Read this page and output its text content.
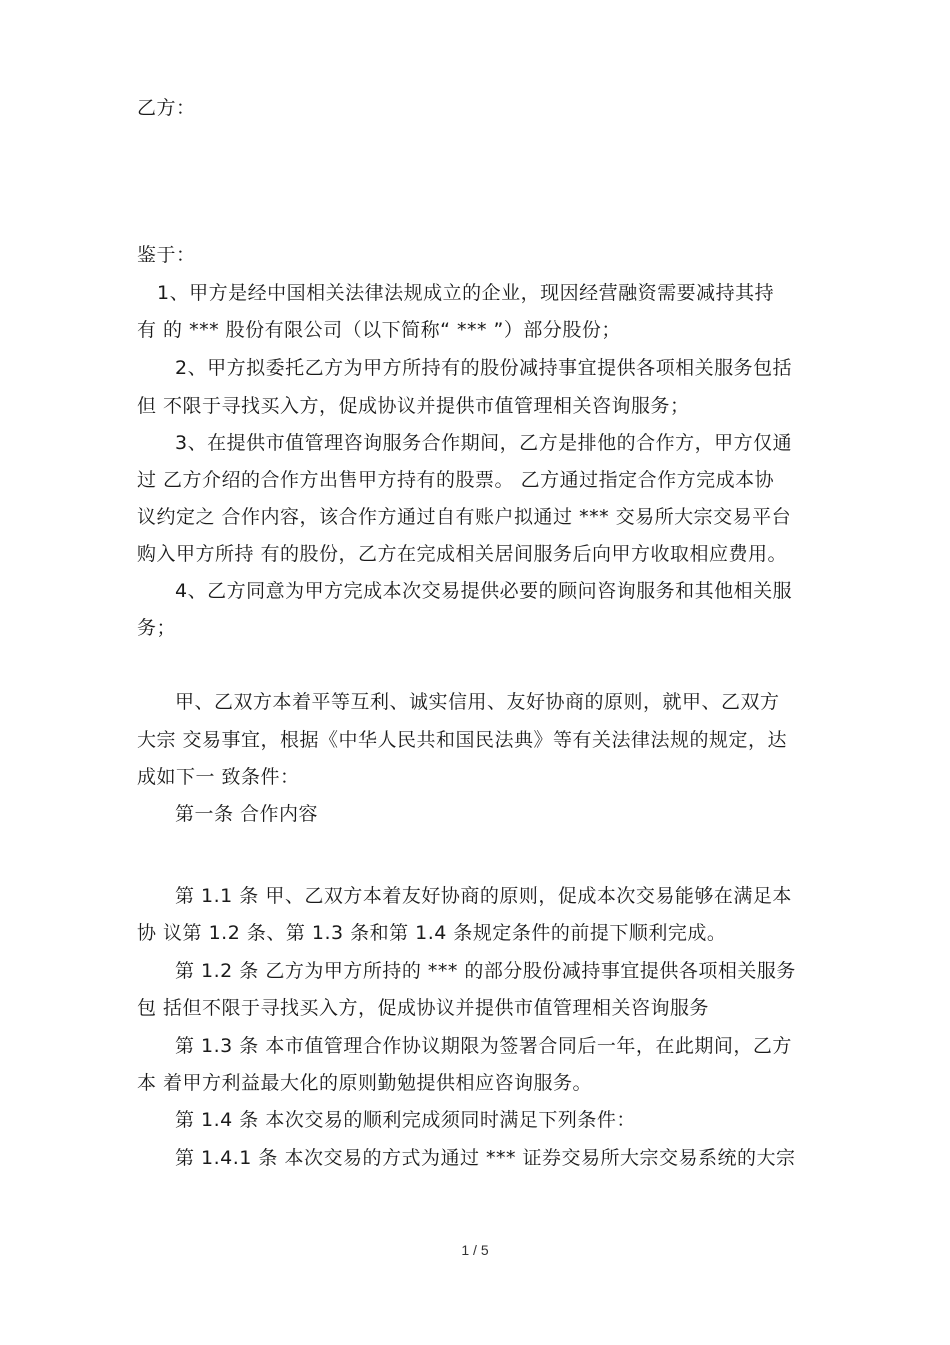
乙方：
鉴于：
1、甲方是经中国相关法律法规成立的企业，现因经营融资需要减持其持
有 的 *** 股份有限公司（以下简称“ *** ”）部分股份；
2、甲方拟委托乙方为甲方所持有的股份减持事宜提供各项相关服务包括
但 不限于寻找买入方，促成协议并提供市值管理相关咨询服务；
3、在提供市值管理咨询服务合作期间，乙方是排他的合作方，甲方仅通
过 乙方介绍的合作方出售甲方持有的股票。 乙方通过指定合作方完成本协
议约定之 合作内容，该合作方通过自有账户拟通过 *** 交易所大宗交易平台
购入甲方所持 有的股份，乙方在完成相关居间服务后向甲方收取相应费用。
4、乙方同意为甲方完成本次交易提供必要的顾问咨询服务和其他相关服
务；
甲、乙双方本着平等互利、诚实信用、友好协商的原则，就甲、乙双方
大宗 交易事宜，根据《中华人民共和国民法典》等有关法律法规的规定，达
成如下一 致条件：
第一条 合作内容
第 1.1 条 甲、乙双方本着友好协商的原则，促成本次交易能够在满足本
协 议第 1.2 条、第 1.3 条和第 1.4 条规定条件的前提下顺利完成。
第 1.2 条 乙方为甲方所持的 *** 的部分股份减持事宜提供各项相关服务
包 括但不限于寻找买入方，促成协议并提供市值管理相关咨询服务
第 1.3 条 本市值管理合作协议期限为签署合同后一年，在此期间，乙方
本 着甲方利益最大化的原则勤勉提供相应咨询服务。
第 1.4 条 本次交易的顺利完成须同时满足下列条件：
第 1.4.1 条 本次交易的方式为通过 *** 证券交易所大宗交易系统的大宗
1 / 5
